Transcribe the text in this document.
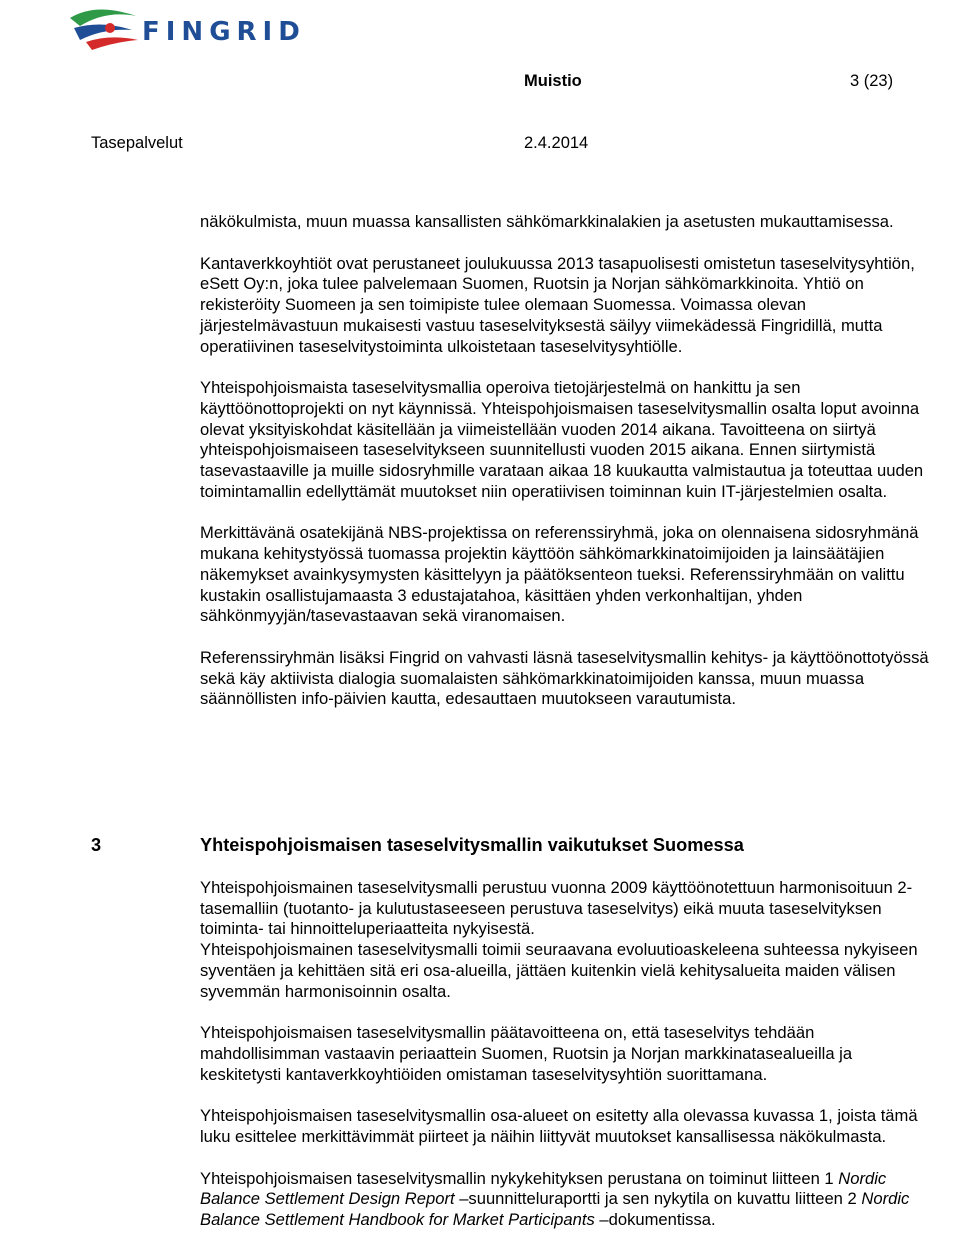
FINGRID
Muistio	3 (23)
Tasepalvelut	2.4.2014

näkökulmista, muun muassa kansallisten sähkömarkkinalakien ja asetusten mukauttamisessa.

Kantaverkkoyhtiöt ovat perustaneet joulukuussa 2013 tasapuolisesti omistetun taseselvitysyhtiön, eSett Oy:n, joka tulee palvelemaan Suomen, Ruotsin ja Norjan sähkömarkkinoita. Yhtiö on rekisteröity Suomeen ja sen toimipiste tulee olemaan Suomessa. Voimassa olevan järjestelmävastuun mukaisesti vastuu taseselvityksestä säilyy viimekädessä Fingridillä, mutta operatiivinen taseselvitystoiminta ulkoistetaan taseselvitysyhtiölle.

Yhteispohjoismaista taseselvitysmallia operoiva tietojärjestelmä on hankittu ja sen käyttöönottoprojekti on nyt käynnissä. Yhteispohjoismaisen taseselvitysmallin osalta loput avoinna olevat yksityiskohdat käsitellään ja viimeistellään vuoden 2014 aikana. Tavoitteena on siirtyä yhteispohjoismaiseen taseselvitykseen suunnitellusti vuoden 2015 aikana. Ennen siirtymistä tasevastaaville ja muille sidosryhmille varataan aikaa 18 kuukautta valmistautua ja toteuttaa uuden toimintamallin edellyttämät muutokset niin operatiivisen toiminnan kuin IT-järjestelmien osalta.

Merkittävänä osatekijänä NBS-projektissa on referenssiryhmä, joka on olennaisena sidosryhmänä mukana kehitystyössä tuomassa projektin käyttöön sähkömarkkinatoimijoiden ja lainsäätäjien näkemykset avainkysymysten käsittelyyn ja päätöksenteon tueksi. Referenssiryhmään on valittu kustakin osallistujamaasta 3 edustajatahoa, käsittäen yhden verkonhaltijan, yhden sähkönmyyjän/tasevastaavan sekä viranomaisen.

Referenssiryhmän lisäksi Fingrid on vahvasti läsnä taseselvitysmallin kehitys- ja käyttöönottotyössä sekä käy aktiivista dialogia suomalaisten sähkömarkkinatoimijoiden kanssa, muun muassa säännöllisten info-päivien kautta, edesauttaen muutokseen varautumista.

3	Yhteispohjoismaisen taseselvitysmallin vaikutukset Suomessa

Yhteispohjoismainen taseselvitysmalli perustuu vuonna 2009 käyttöönotettuun harmonisoituun 2-tasemalliin (tuotanto- ja kulutustaseeseen perustuva taseselvitys) eikä muuta taseselvityksen toiminta- tai hinnoitteluperiaatteita nykyisestä.

Yhteispohjoismainen taseselvitysmalli toimii seuraavana evoluutioaskeleena suhteessa nykyiseen syventäen ja kehittäen sitä eri osa-alueilla, jättäen kuitenkin vielä kehitysalueita maiden välisen syvemmän harmonisoinnin osalta.

Yhteispohjoismaisen taseselvitysmallin päätavoitteena on, että taseselvitys tehdään mahdollisimman vastaavin periaattein Suomen, Ruotsin ja Norjan markkinatasealueilla ja keskitetysti kantaverkkoyhtiöiden omistaman taseselvitysyhtiön suorittamana.

Yhteispohjoismaisen taseselvitysmallin osa-alueet on esitetty alla olevassa kuvassa 1, joista tämä luku esittelee merkittävimmät piirteet ja näihin liittyvät muutokset kansallisessa näkökulmasta.

Yhteispohjoismaisen taseselvitysmallin nykykehityksen perustana on toiminut liitteen 1 Nordic Balance Settlement Design Report –suunnitteluraportti ja sen nykytila on kuvattu liitteen 2 Nordic Balance Settlement Handbook for Market Participants –dokumentissa.
